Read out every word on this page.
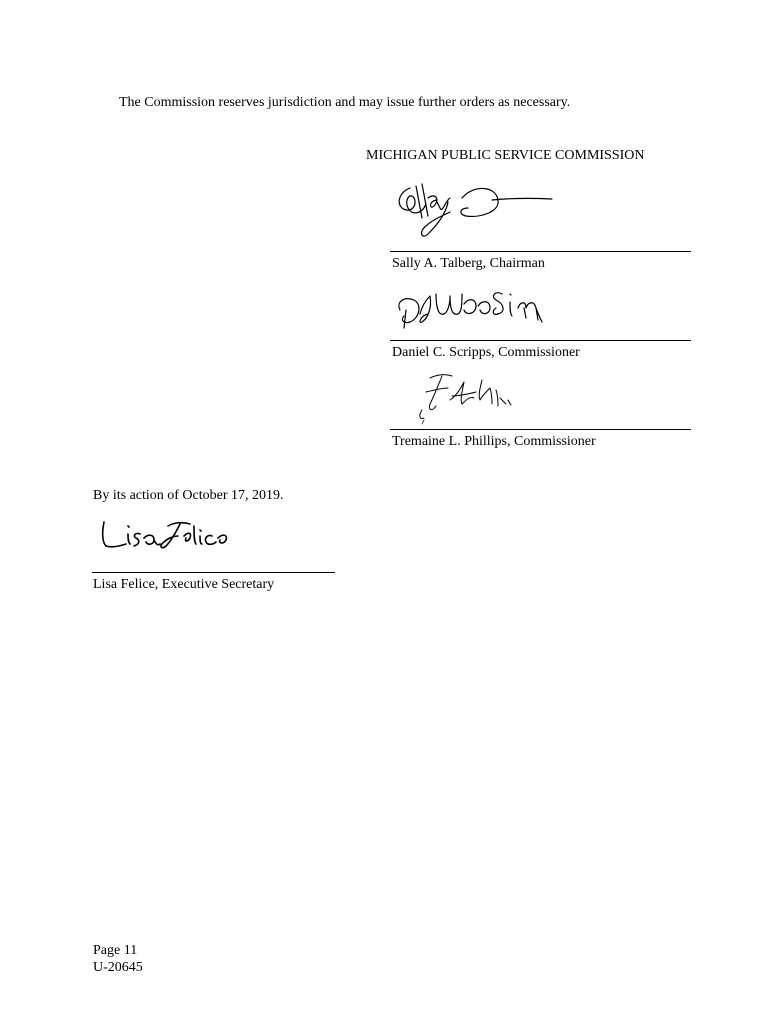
The Commission reserves jurisdiction and may issue further orders as necessary.
MICHIGAN PUBLIC SERVICE COMMISSION
Sally A. Talberg, Chairman
Daniel C. Scripps, Commissioner
Tremaine L. Phillips, Commissioner
By its action of October 17, 2019.
Lisa Felice, Executive Secretary
Page 11
U-20645
